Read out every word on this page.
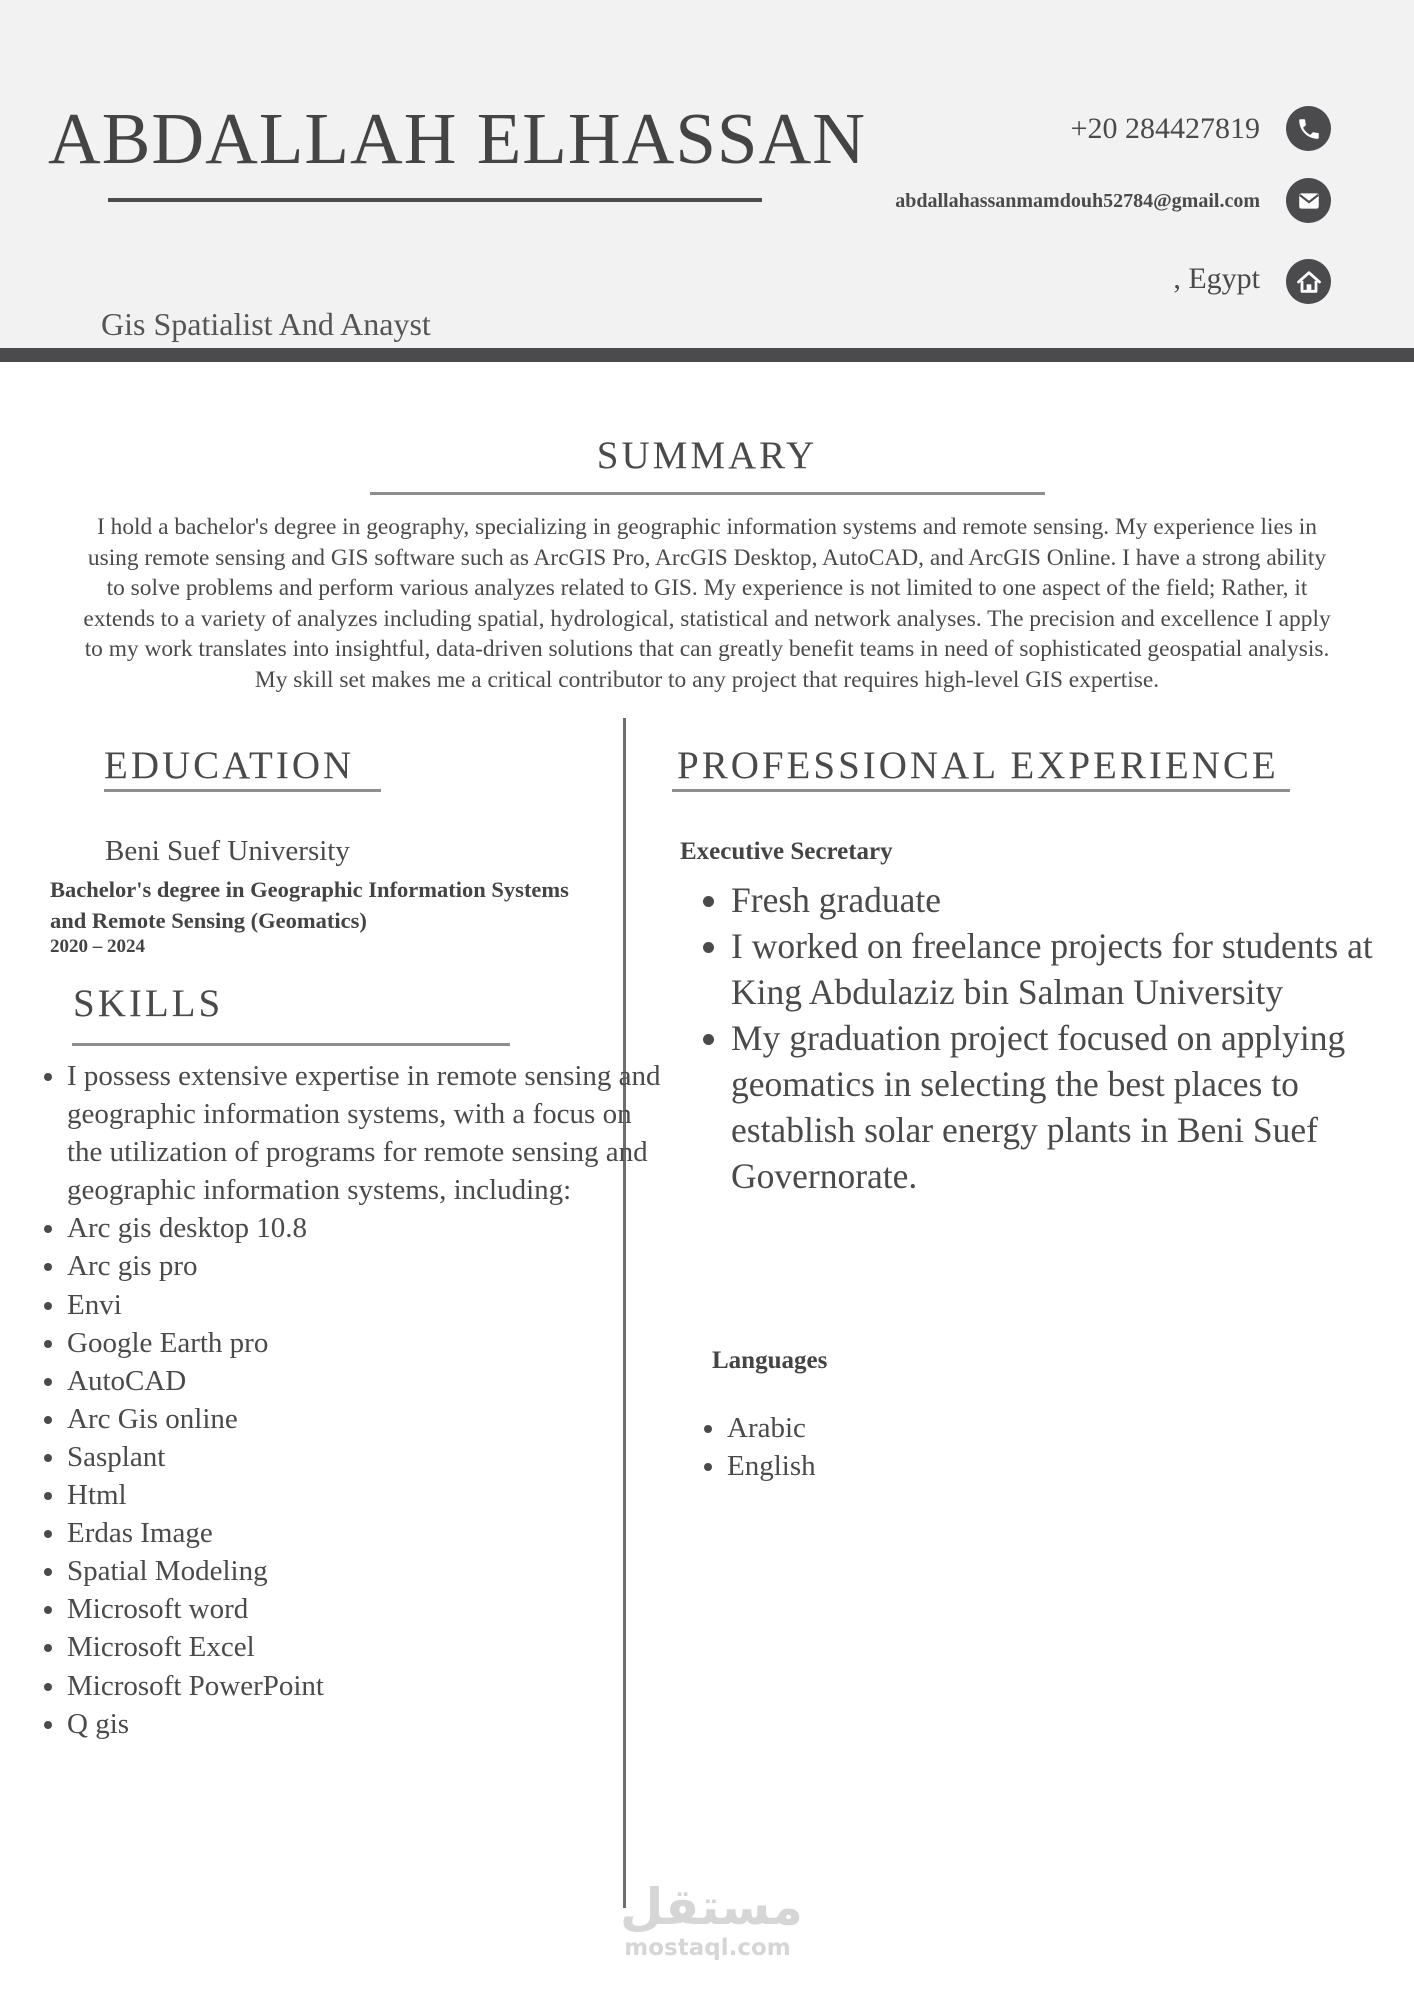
ABDALLAH ELHASSAN
Gis Spatialist And Anayst
+20 284427819
abdallahassanmamdouh52784@gmail.com
, Egypt
SUMMARY
I hold a bachelor's degree in geography, specializing in geographic information systems and remote sensing. My experience lies in using remote sensing and GIS software such as ArcGIS Pro, ArcGIS Desktop, AutoCAD, and ArcGIS Online. I have a strong ability to solve problems and perform various analyzes related to GIS. My experience is not limited to one aspect of the field; Rather, it extends to a variety of analyzes including spatial, hydrological, statistical and network analyses. The precision and excellence I apply to my work translates into insightful, data-driven solutions that can greatly benefit teams in need of sophisticated geospatial analysis. My skill set makes me a critical contributor to any project that requires high-level GIS expertise.
EDUCATION
Beni Suef University
Bachelor's degree in Geographic Information Systems and Remote Sensing (Geomatics)
2020 – 2024
SKILLS
• I possess extensive expertise in remote sensing and geographic information systems, with a focus on the utilization of programs for remote sensing and geographic information systems, including:
• Arc gis desktop 10.8
• Arc gis pro
• Envi
• Google Earth pro
• AutoCAD
• Arc Gis online
• Sasplant
• Html
• Erdas Image
• Spatial Modeling
• Microsoft word
• Microsoft Excel
• Microsoft PowerPoint
• Q gis
PROFESSIONAL EXPERIENCE
Executive Secretary
• Fresh graduate
• I worked on freelance projects for students at King Abdulaziz bin Salman University
• My graduation project focused on applying geomatics in selecting the best places to establish solar energy plants in Beni Suef Governorate.
Languages
• Arabic
• English
مستقل
mostaql.com
